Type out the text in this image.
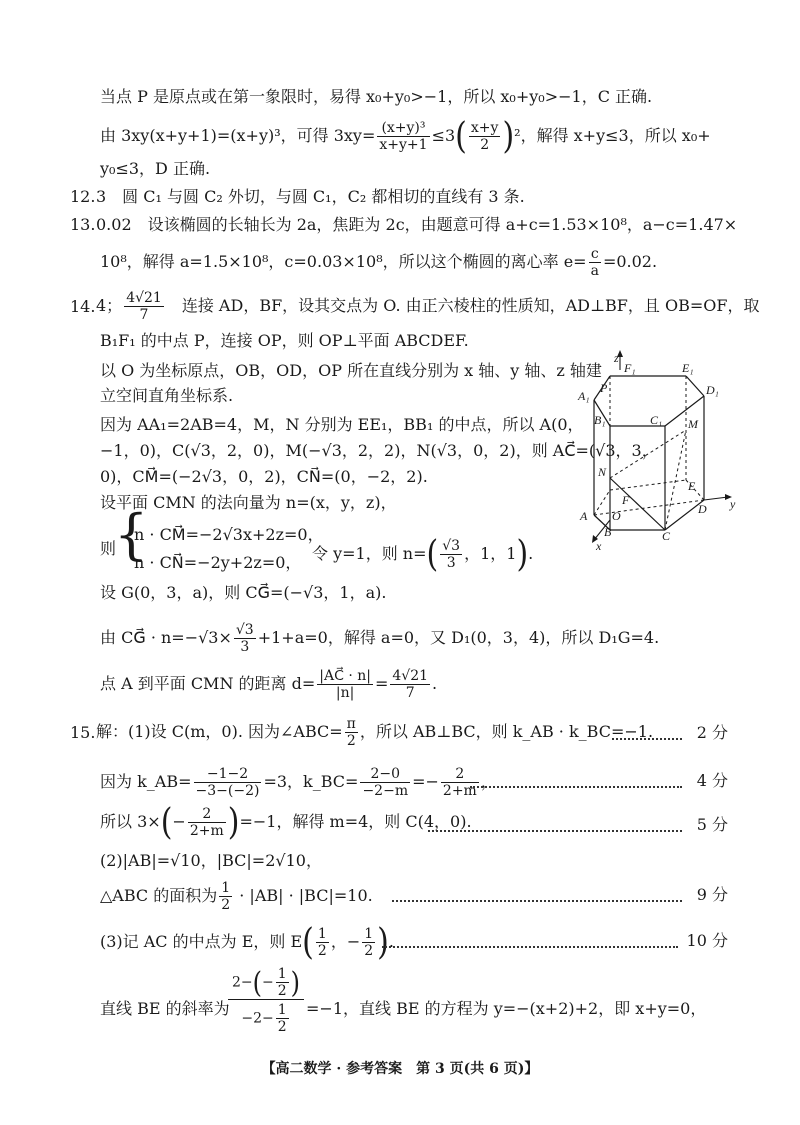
当点 P 是原点或在第一象限时，易得 x₀+y₀>−1，所以 x₀+y₀>−1，C 正确.
由 3xy(x+y+1)=(x+y)³，可得 $3xy= \frac{\text{(x+y)³}}{x+y+1} \le 3( \frac{x+y}{2} )^2$，解得 x+y≤3，所以 x₀+
y₀≤3，D 正确.
12. 3　圆 C₁ 与圆 C₂ 外切，与圆 C₁，C₂ 都相切的直线有 3 条.
13. 0.02　设该椭圆的长轴长为 2a，焦距为 2c，由题意可得 a+c=1.53×10⁸，a−c=1.47×
10⁸，解得 a=1.5×10⁸，c=0.03×10⁸，所以这个椭圆的离心率 $e= \frac{c}{a} =0.02$.
14. 4； $\frac{4√21}{7}$ 　连接 AD，BF，设其交点为 O. 由正六棱柱的性质知，AD⊥BF，且 OB=OF，取
B₁F₁ 的中点 P，连接 OP，则 OP⊥平面 ABCDEF.
以 O 为坐标原点，OB，OD，OP 所在直线分别为 x 轴、y 轴、z 轴建
立空间直角坐标系.
因为 AA₁=2AB=4，M，N 分别为 EE₁，BB₁ 的中点，所以 A(0，
−1，0)，C(√3，2，0)，M(−√3，2，2)，N(√3，0，2)，则 AC⃗=(√3，3，
0)，CM⃗=(−2√3，0，2)，CN⃗=(0，−2，2).
设平面 CMN 的法向量为 n=(x，y，z)，
则
{
n · CM⃗=−2√3x+2z=0，
n · CN⃗=−2y+2z=0， 令 y=1，则 $n=( \frac{√3}{3}$ ，1，1).
设 G(0，3，a)，则 CG⃗=(−√3，1，a).
由 CG⃗ · $n=-√3\times \frac{√3}{3} +1+a=0$，解得 a=0，又 D₁(0，3，4)，所以 D₁G=4.
点 A 到平面 CMN 的距离 $d= \frac{|AC⃗ \cdot n|}{|n|} = \frac{4√21}{7}$ .
z
y
x
F₁	E₁
D₁
A₁
P
B₁	C₁ M
N
E
F
A O	D
B	C
15. 解：(1)设 C(m，0). 因为∠ABC= $\frac{\pi}{2}$ ，所以 AB⊥BC，则 k_AB · k_BC=−1.	2 分
因为 k_AB= $\frac{-1-2}{-3-(-2)} =3$，k_BC= $\frac{2-0}{-2-m} =- \frac{2}{2+m}$ ，	4 分
所以 $3\times(- \frac{2}{2+m} )=-1$，解得 m=4，则 C(4，0).	5 分
(2)|AB|=√10，|BC|=2√10，
△ABC 的面积为 $\frac{1}{2} \cdot |AB| \cdot |BC|=10$.	9 分
(3)记 AC 的中点为 E，则 $E( \frac{1}{2}$ ，− $\frac{1}{2}$ ).	10 分
直线 BE 的斜率为
$2-(- \frac{1}{2}$ )
$-2- \frac{1}{2} =-1$，直线 BE 的方程为 y=−(x+2)+2，即 x+y=0，
【高二数学 · 参考答案　第 3 页(共 6 页)】
